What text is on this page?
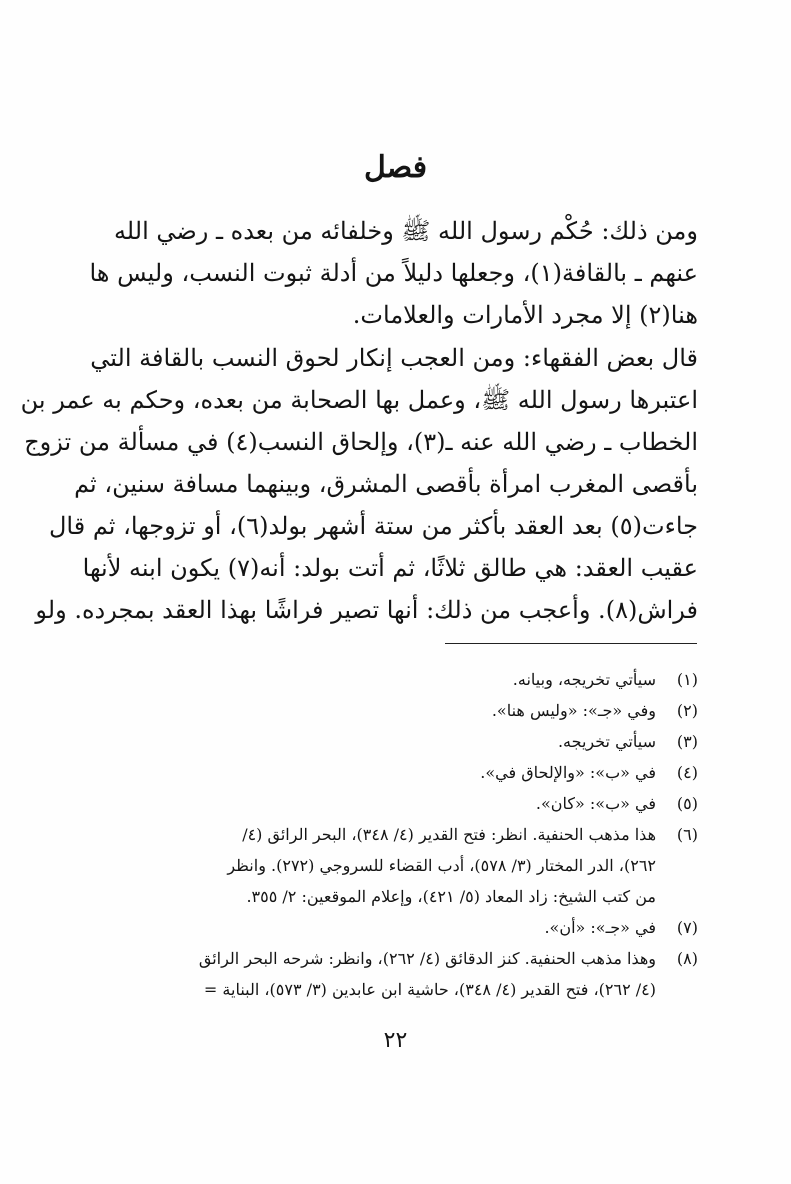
فصل
ومن ذلك: حُكْم رسول الله ﷺ وخلفائه من بعده ـ رضي الله
عنهم ـ بالقافة(١)، وجعلها دليلاً من أدلة ثبوت النسب، وليس ها
هنا(٢) إلا مجرد الأمارات والعلامات.
قال بعض الفقهاء: ومن العجب إنكار لحوق النسب بالقافة التي
اعتبرها رسول الله ﷺ، وعمل بها الصحابة من بعده، وحكم به عمر بن
الخطاب ـ رضي الله عنه ـ(٣)، وإلحاق النسب(٤) في مسألة من تزوج
بأقصى المغرب امرأة بأقصى المشرق، وبينهما مسافة سنين، ثم
جاءت(٥) بعد العقد بأكثر من ستة أشهر بولد(٦)، أو تزوجها، ثم قال
عقيب العقد: هي طالق ثلاثًا، ثم أتت بولد: أنه(٧) يكون ابنه لأنها
فراش(٨). وأعجب من ذلك: أنها تصير فراشًا بهذا العقد بمجرده. ولو
(١)
سيأتي تخريجه، وبيانه.
(٢)
وفي «جـ»: «وليس هنا».
(٣)
سيأتي تخريجه.
(٤)
في «ب»: «والإلحاق في».
(٥)
في «ب»: «كان».
(٦)
هذا مذهب الحنفية. انظر: فتح القدير (٤/ ٣٤٨)، البحر الرائق (٤/
٢٦٢)، الدر المختار (٣/ ٥٧٨)، أدب القضاء للسروجي (٢٧٢). وانظر
من كتب الشيخ: زاد المعاد (٥/ ٤٢١)، وإعلام الموقعين: ٢/ ٣٥٥.
(٧)
في «جـ»: «أن».
(٨)
وهذا مذهب الحنفية. كنز الدقائق (٤/ ٢٦٢)، وانظر: شرحه البحر الرائق
(٤/ ٢٦٢)، فتح القدير (٤/ ٣٤٨)، حاشية ابن عابدين (٣/ ٥٧٣)، البناية =
٢٢
